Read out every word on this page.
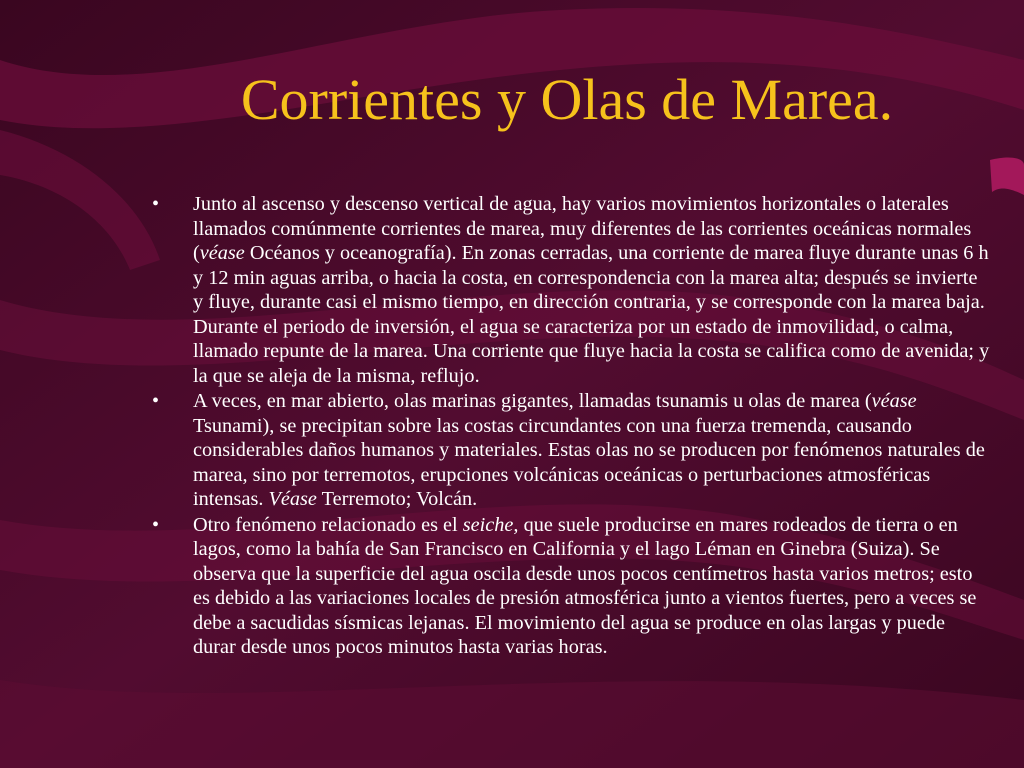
Corrientes y Olas de Marea.
• Junto al ascenso y descenso vertical de agua, hay varios movimientos horizontales o laterales llamados comúnmente corrientes de marea, muy diferentes de las corrientes oceánicas normales (véase Océanos y oceanografía). En zonas cerradas, una corriente de marea fluye durante unas 6 h y 12 min aguas arriba, o hacia la costa, en correspondencia con la marea alta; después se invierte y fluye, durante casi el mismo tiempo, en dirección contraria, y se corresponde con la marea baja. Durante el periodo de inversión, el agua se caracteriza por un estado de inmovilidad, o calma, llamado repunte de la marea. Una corriente que fluye hacia la costa se califica como de avenida; y la que se aleja de la misma, reflujo.
• A veces, en mar abierto, olas marinas gigantes, llamadas tsunamis u olas de marea (véase Tsunami), se precipitan sobre las costas circundantes con una fuerza tremenda, causando considerables daños humanos y materiales. Estas olas no se producen por fenómenos naturales de marea, sino por terremotos, erupciones volcánicas oceánicas o perturbaciones atmosféricas intensas. Véase Terremoto; Volcán.
• Otro fenómeno relacionado es el seiche, que suele producirse en mares rodeados de tierra o en lagos, como la bahía de San Francisco en California y el lago Léman en Ginebra (Suiza). Se observa que la superficie del agua oscila desde unos pocos centímetros hasta varios metros; esto es debido a las variaciones locales de presión atmosférica junto a vientos fuertes, pero a veces se debe a sacudidas sísmicas lejanas. El movimiento del agua se produce en olas largas y puede durar desde unos pocos minutos hasta varias horas.
